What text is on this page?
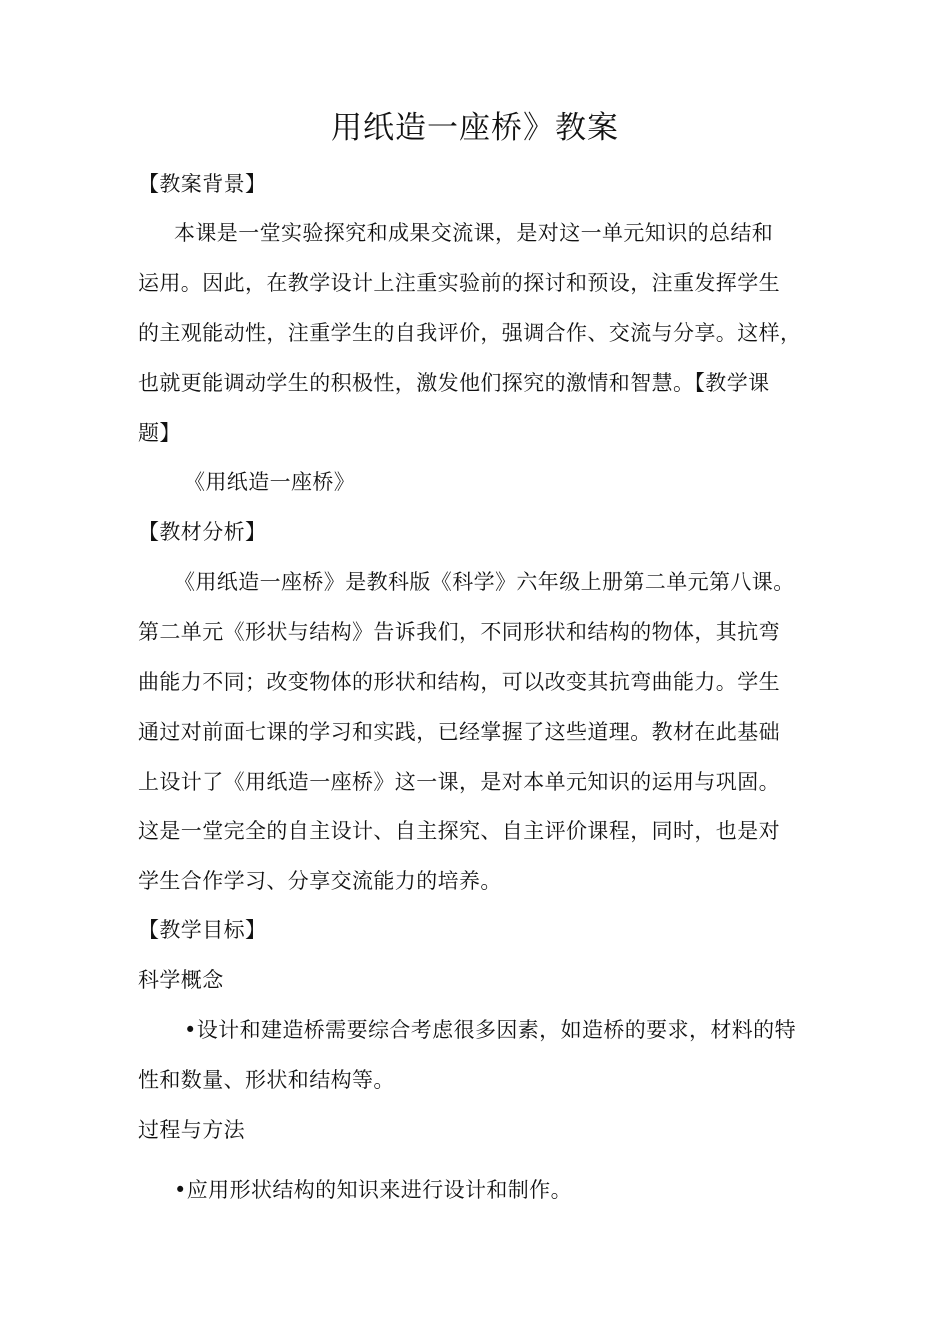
用纸造一座桥》教案

【教案背景】

本课是一堂实验探究和成果交流课，是对这一单元知识的总结和

运用。因此，在教学设计上注重实验前的探讨和预设，注重发挥学生

的主观能动性，注重学生的自我评价，强调合作、交流与分享。这样，

也就更能调动学生的积极性，激发他们探究的激情和智慧。【教学课

题】

《用纸造一座桥》

【教材分析】

《用纸造一座桥》是教科版《科学》六年级上册第二单元第八课。

第二单元《形状与结构》告诉我们，不同形状和结构的物体，其抗弯

曲能力不同；改变物体的形状和结构，可以改变其抗弯曲能力。学生

通过对前面七课的学习和实践，已经掌握了这些道理。教材在此基础

上设计了《用纸造一座桥》这一课，是对本单元知识的运用与巩固。

这是一堂完全的自主设计、自主探究、自主评价课程，同时，也是对

学生合作学习、分享交流能力的培养。

【教学目标】

科学概念

•设计和建造桥需要综合考虑很多因素，如造桥的要求，材料的特

性和数量、形状和结构等。

过程与方法

•应用形状结构的知识来进行设计和制作。
